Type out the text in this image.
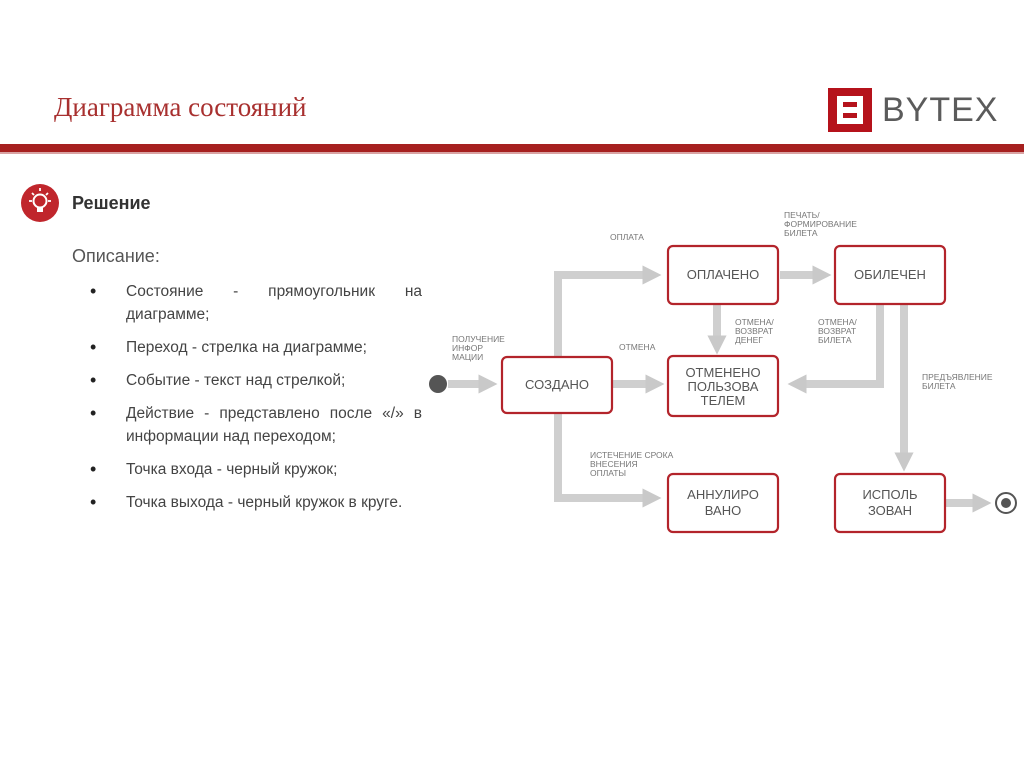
Диаграмма состояний	BYTEX
Решение
Описание:
• Состояние - прямоугольник на диаграмме;
• Переход - стрелка на диаграмме;
• Событие - текст над стрелкой;
• Действие - представлено после «/» в информации над переходом;
• Точка входа - черный кружок;
• Точка выхода - черный кружок в круге.
СОЗДАНО
ОПЛАЧЕНО	ОБИЛЕЧЕН
ОТМЕНЕНО
ПОЛЬЗОВА
ТЕЛЕМ
АННУЛИРО
ВАНО
ИСПОЛЬ
ЗОВАН
ПОЛУЧЕНИЕ
ИНФОР
МАЦИИ
ОПЛАТА
ПЕЧАТЬ/
ФОРМИРОВАНИЕ
БИЛЕТА
ОТМЕНА
ОТМЕНА/
ВОЗВРАТ
ДЕНЕГ
ОТМЕНА/
ВОЗВРАТ
БИЛЕТА
ИСТЕЧЕНИЕ СРОКА
ВНЕСЕНИЯ
ОПЛАТЫ
ПРЕДЪЯВЛЕНИЕ
БИЛЕТА
